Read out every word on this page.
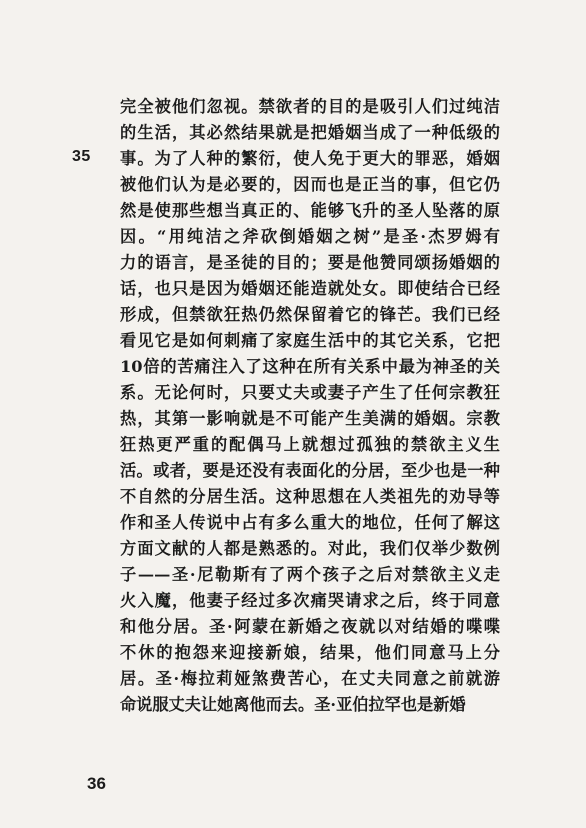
35
完全被他们忽视。禁欲者的目的是吸引人们过纯洁
的生活，其必然结果就是把婚姻当成了一种低级的
事。为了人种的繁衍，使人免于更大的罪恶，婚姻
被他们认为是必要的，因而也是正当的事，但它仍
然是使那些想当真正的、能够飞升的圣人坠落的原
因。“用纯洁之斧砍倒婚姻之树”是圣·杰罗姆有
力的语言，是圣徒的目的；要是他赞同颂扬婚姻的
话，也只是因为婚姻还能造就处女。即使结合已经
形成，但禁欲狂热仍然保留着它的锋芒。我们已经
看见它是如何刺痛了家庭生活中的其它关系，它把
10倍的苦痛注入了这种在所有关系中最为神圣的关
系。无论何时，只要丈夫或妻子产生了任何宗教狂
热，其第一影响就是不可能产生美满的婚姻。宗教
狂热更严重的配偶马上就想过孤独的禁欲主义生
活。或者，要是还没有表面化的分居，至少也是一种
不自然的分居生活。这种思想在人类祖先的劝导等
作和圣人传说中占有多么重大的地位，任何了解这
方面文献的人都是熟悉的。对此，我们仅举少数例
子——圣·尼勒斯有了两个孩子之后对禁欲主义走
火入魔，他妻子经过多次痛哭请求之后，终于同意
和他分居。圣·阿蒙在新婚之夜就以对结婚的喋喋
不休的抱怨来迎接新娘，结果，他们同意马上分
居。圣·梅拉莉娅煞费苦心，在丈夫同意之前就游
命说服丈夫让她离他而去。圣·亚伯拉罕也是新婚
36
